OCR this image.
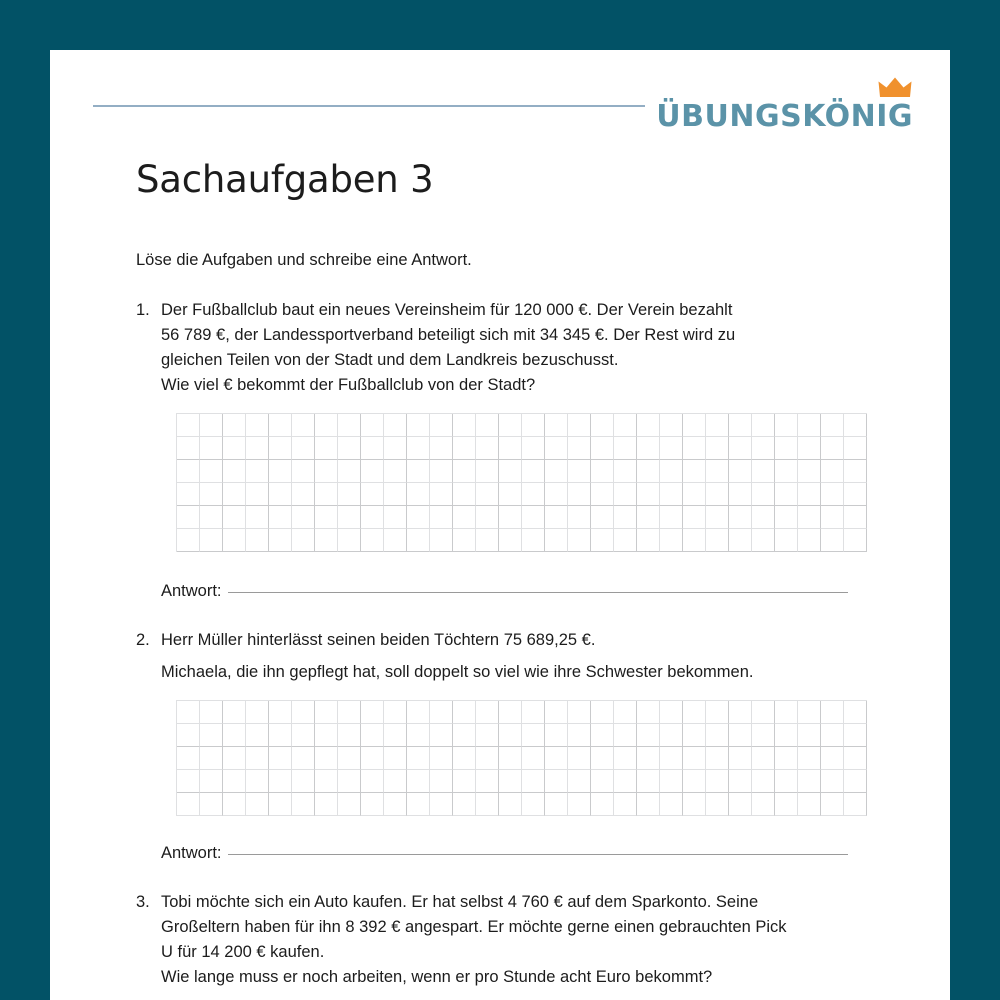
ÜBUNGSKÖNIG
Sachaufgaben 3
Löse die Aufgaben und schreibe eine Antwort.
1. Der Fußballclub baut ein neues Vereinsheim für 120 000 €. Der Verein bezahlt
56 789 €, der Landessportverband beteiligt sich mit 34 345 €. Der Rest wird zu
gleichen Teilen von der Stadt und dem Landkreis bezuschusst.
Wie viel € bekommt der Fußballclub von der Stadt?
Antwort:
2. Herr Müller hinterlässt seinen beiden Töchtern 75 689,25 €.
Michaela, die ihn gepflegt hat, soll doppelt so viel wie ihre Schwester bekommen.
Antwort:
3. Tobi möchte sich ein Auto kaufen. Er hat selbst 4 760 € auf dem Sparkonto. Seine
Großeltern haben für ihn 8 392 € angespart. Er möchte gerne einen gebrauchten Pick
U für 14 200 € kaufen.
Wie lange muss er noch arbeiten, wenn er pro Stunde acht Euro bekommt?
